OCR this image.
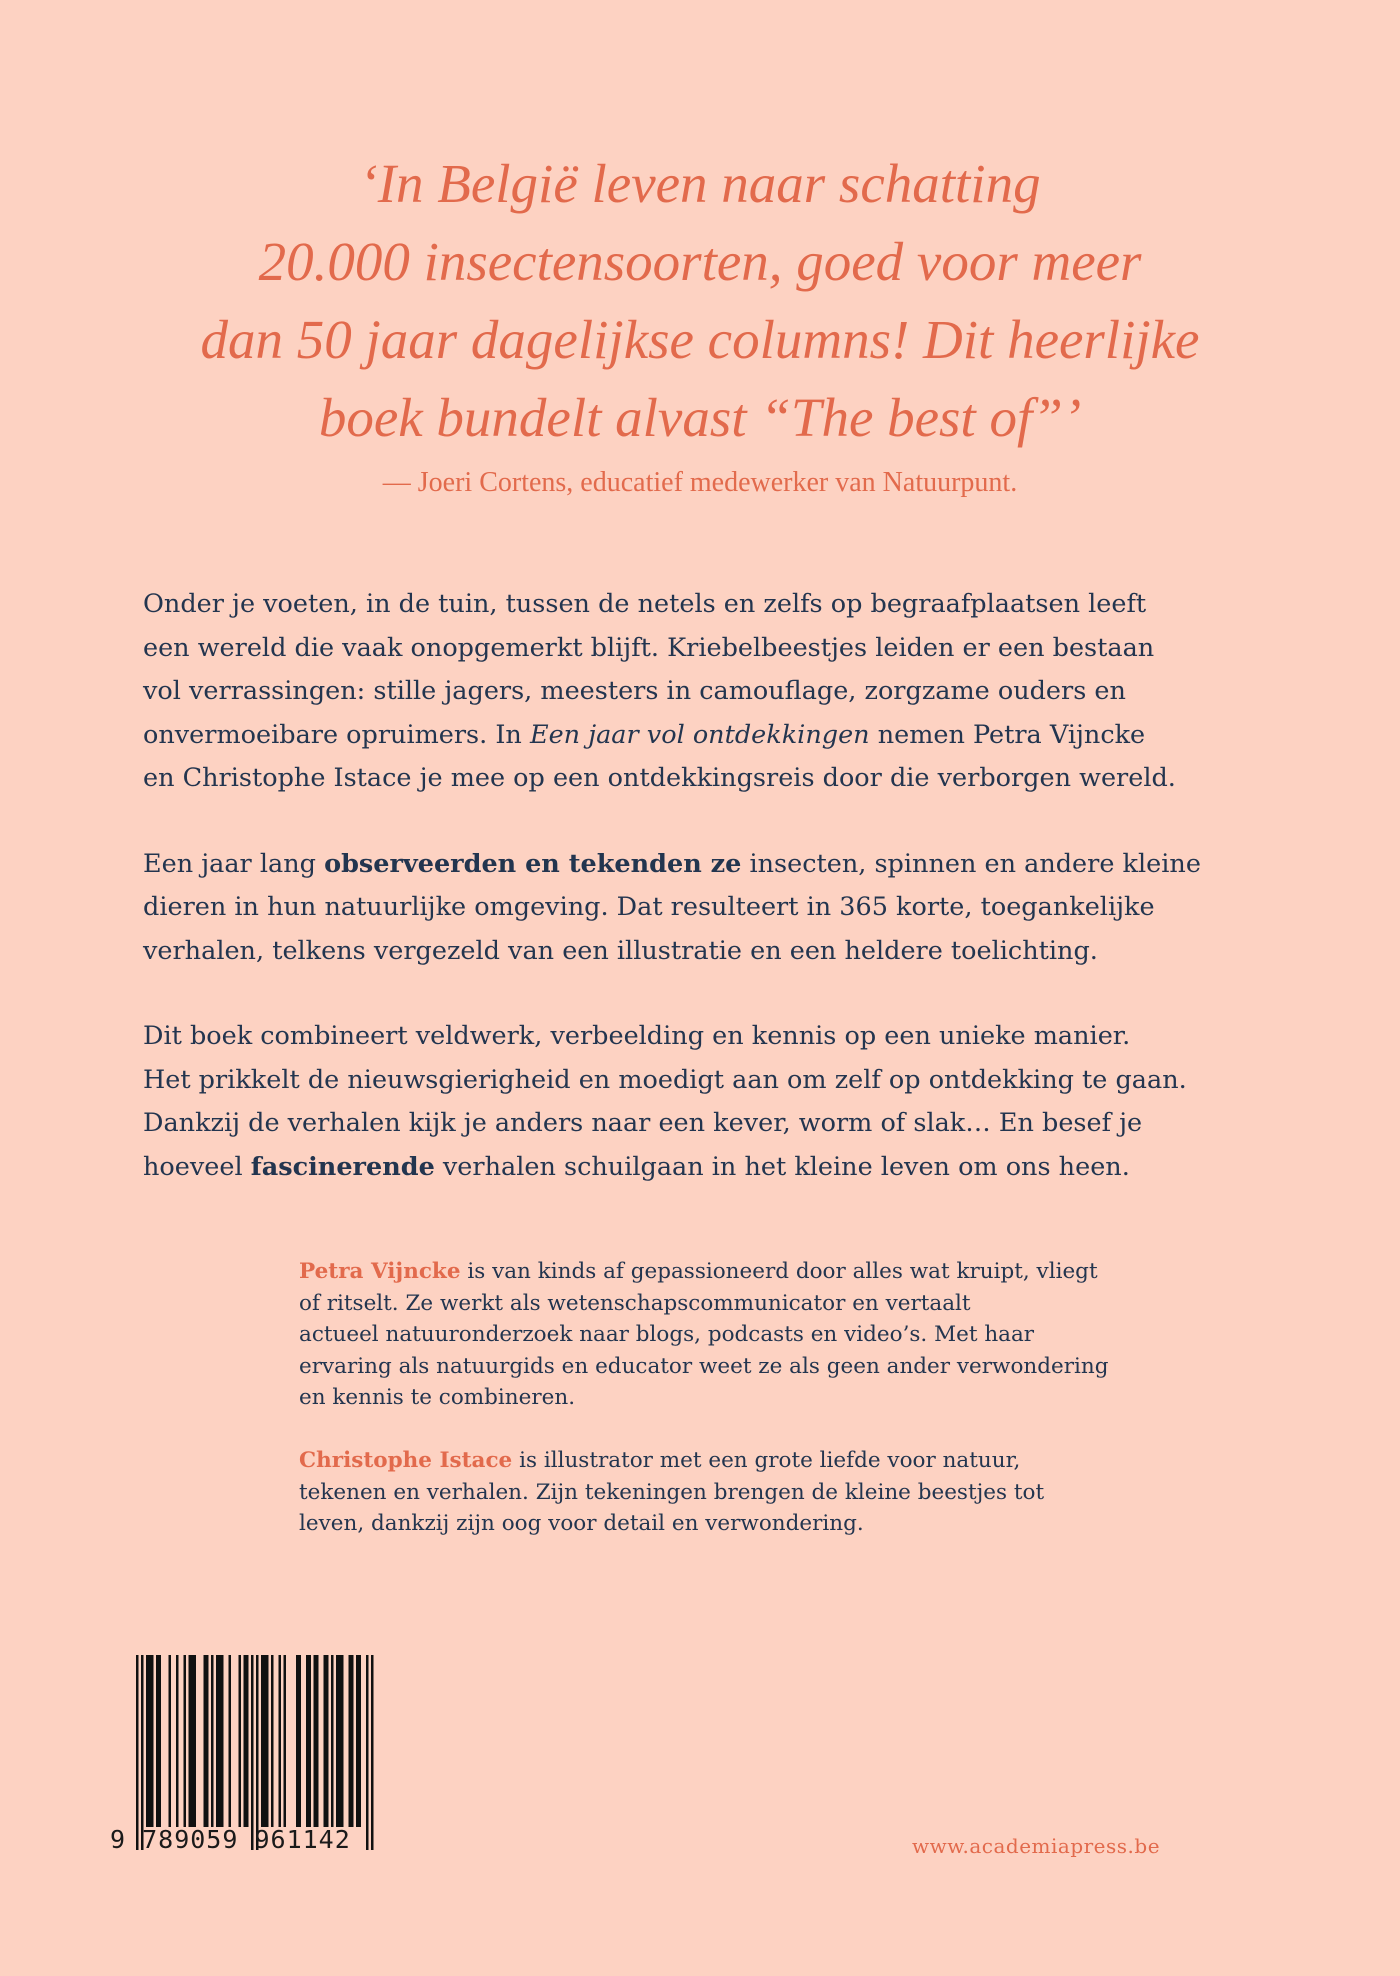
‘In België leven naar schatting
20.000 insectensoorten, goed voor meer
dan 50 jaar dagelijkse columns! Dit heerlijke
boek bundelt alvast “The best of”’

— Joeri Cortens, educatief medewerker van Natuurpunt.

Onder je voeten, in de tuin, tussen de netels en zelfs op begraafplaatsen leeft
een wereld die vaak onopgemerkt blijft. Kriebelbeestjes leiden er een bestaan
vol verrassingen: stille jagers, meesters in camouflage, zorgzame ouders en
onvermoeibare opruimers. In Een jaar vol ontdekkingen nemen Petra Vijncke
en Christophe Istace je mee op een ontdekkingsreis door die verborgen wereld.

Een jaar lang observeerden en tekenden ze insecten, spinnen en andere kleine
dieren in hun natuurlijke omgeving. Dat resulteert in 365 korte, toegankelijke
verhalen, telkens vergezeld van een illustratie en een heldere toelichting.

Dit boek combineert veldwerk, verbeelding en kennis op een unieke manier.
Het prikkelt de nieuwsgierigheid en moedigt aan om zelf op ontdekking te gaan.
Dankzij de verhalen kijk je anders naar een kever, worm of slak… En besef je
hoeveel fascinerende verhalen schuilgaan in het kleine leven om ons heen.

Petra Vijncke is van kinds af gepassioneerd door alles wat kruipt, vliegt
of ritselt. Ze werkt als wetenschapscommunicator en vertaalt
actueel natuuronderzoek naar blogs, podcasts en video’s. Met haar
ervaring als natuurgids en educator weet ze als geen ander verwondering
en kennis te combineren.
Christophe Istace is illustrator met een grote liefde voor natuur,
tekenen en verhalen. Zijn tekeningen brengen de kleine beestjes tot
leven, dankzij zijn oog voor detail en verwondering.
9 789059 961142	www.academiapress.be
